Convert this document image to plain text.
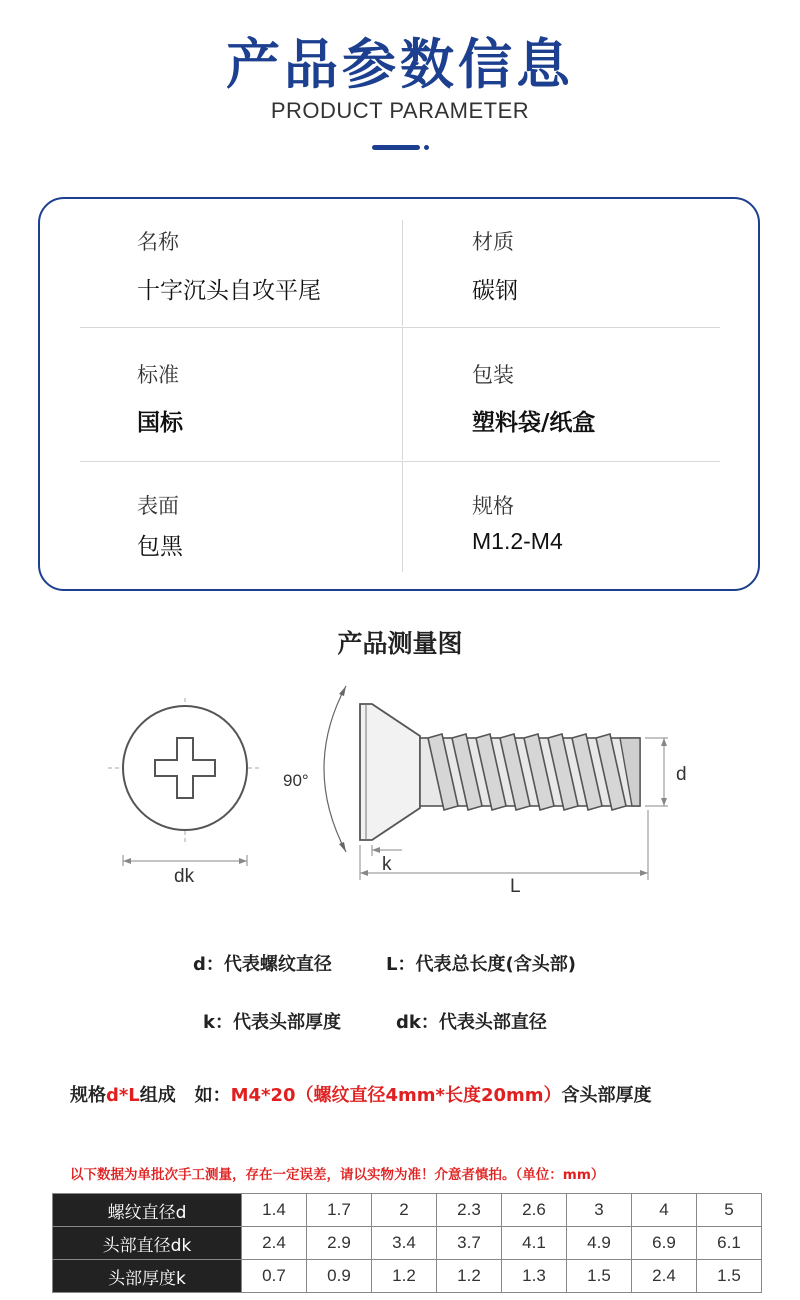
产品参数信息
PRODUCT PARAMETER
名称
十字沉头自攻平尾
材质
碳钢
标准
国标
包装
塑料袋/纸盒
表面
包黑
规格
M1.2-M4
产品测量图
90°
dk
d
k
L
d：代表螺纹直径	L：代表总长度(含头部)
k：代表头部厚度	dk：代表头部直径
规格d*L组成   如：M4*20（螺纹直径4mm*长度20mm）含头部厚度
以下数据为单批次手工测量，存在一定误差，请以实物为准！介意者慎拍。（单位：mm）
螺纹直径d	1.4	1.7	2	2.3	2.6	3	4	5
头部直径dk	2.4	2.9	3.4	3.7	4.1	4.9	6.9	6.1
头部厚度k	0.7	0.9	1.2	1.2	1.3	1.5	2.4	1.5
